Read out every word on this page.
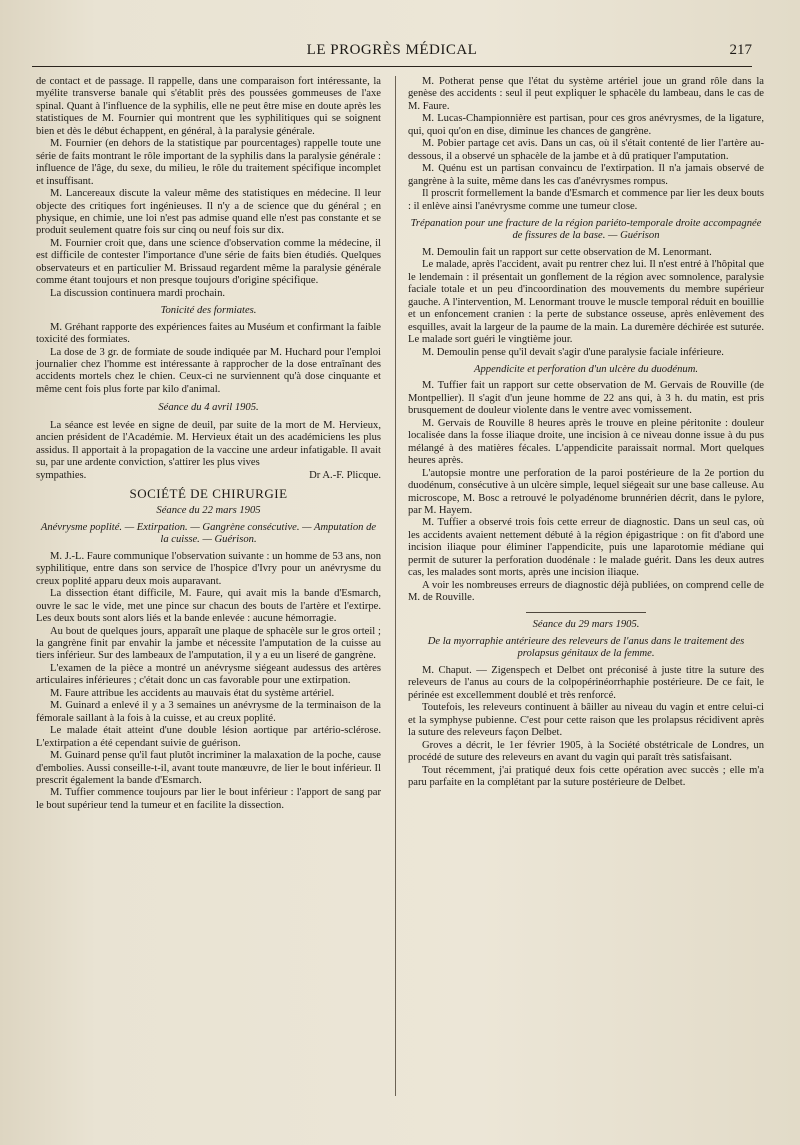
LE PROGRÈS MÉDICAL	217

de contact et de passage. Il rappelle, dans une comparaison fort intéressante, la myélite transverse banale qui s'établit près des poussées gommeuses de l'axe spinal. Quant à l'influence de la syphilis, elle ne peut être mise en doute après les statistiques de M. Fournier qui montrent que les syphilitiques qui se soignent bien et dès le début échappent, en général, à la paralysie générale.

M. Fournier (en dehors de la statistique par pourcentages) rappelle toute une série de faits montrant le rôle important de la syphilis dans la paralysie générale : influence de l'âge, du sexe, du milieu, le rôle du traitement spécifique incomplet et insuffisant.

M. Lancereaux discute la valeur même des statistiques en médecine. Il leur objecte des critiques fort ingénieuses. Il n'y a de science que du général ; en physique, en chimie, une loi n'est pas admise quand elle n'est pas constante et se produit seulement quatre fois sur cinq ou neuf fois sur dix.

M. Fournier croit que, dans une science d'observation comme la médecine, il est difficile de contester l'importance d'une série de faits bien étudiés. Quelques observateurs et en particulier M. Brissaud regardent même la paralysie générale comme étant toujours et non presque toujours d'origine spécifique.

La discussion continuera mardi prochain.

Tonicité des formiates.

M. Gréhant rapporte des expériences faites au Muséum et confirmant la faible toxicité des formiates.

La dose de 3 gr. de formiate de soude indiquée par M. Huchard pour l'emploi journalier chez l'homme est intéressante à rapprocher de la dose entraînant des accidents mortels chez le chien. Ceux-ci ne surviennent qu'à dose cinquante et même cent fois plus forte par kilo d'animal.

Séance du 4 avril 1905.

La séance est levée en signe de deuil, par suite de la mort de M. Hervieux, ancien président de l'Académie. M. Hervieux était un des académiciens les plus assidus. Il apportait à la propagation de la vaccine une ardeur infatigable. Il avait su, par une ardente conviction, s'attirer les plus vives

sympathies.	Dr A.-F. Plicque.
SOCIÉTÉ DE CHIRURGIE
Séance du 22 mars 1905
Anévrysme poplité. — Extirpation. — Gangrène consécutive. — Amputation de la cuisse. — Guérison.

M. J.-L. Faure communique l'observation suivante : un homme de 53 ans, non syphilitique, entre dans son service de l'hospice d'Ivry pour un anévrysme du creux poplité apparu deux mois auparavant.

La dissection étant difficile, M. Faure, qui avait mis la bande d'Esmarch, ouvre le sac le vide, met une pince sur chacun des bouts de l'artère et l'extirpe. Les deux bouts sont alors liés et la bande enlevée : aucune hémorragie.

Au bout de quelques jours, apparaît une plaque de sphacèle sur le gros orteil ; la gangrène finit par envahir la jambe et nécessite l'amputation de la cuisse au tiers inférieur. Sur des lambeaux de l'amputation, il y a eu un liseré de gangrène.

L'examen de la pièce a montré un anévrysme siégeant audessus des artères articulaires inférieures ; c'était donc un cas favorable pour une extirpation.

M. Faure attribue les accidents au mauvais état du système artériel.

M. Guinard a enlevé il y a 3 semaines un anévrysme de la terminaison de la fémorale saillant à la fois à la cuisse, et au creux poplité.

Le malade était atteint d'une double lésion aortique par artério-sclérose. L'extirpation a été cependant suivie de guérison.

M. Guinard pense qu'il faut plutôt incriminer la malaxation de la poche, cause d'embolies. Aussi conseille-t-il, avant toute manœuvre, de lier le bout inférieur. Il prescrit également la bande d'Esmarch.

M. Tuffier commence toujours par lier le bout inférieur : l'apport de sang par le bout supérieur tend la tumeur et en facilite la dissection.

M. Potherat pense que l'état du système artériel joue un grand rôle dans la genèse des accidents : seul il peut expliquer le sphacèle du lambeau, dans le cas de M. Faure.

M. Lucas-Championnière est partisan, pour ces gros anévrysmes, de la ligature, qui, quoi qu'on en dise, diminue les chances de gangrène.

M. Pobier partage cet avis. Dans un cas, où il s'était contenté de lier l'artère au-dessous, il a observé un sphacèle de la jambe et à dû pratiquer l'amputation.

M. Quénu est un partisan convaincu de l'extirpation. Il n'a jamais observé de gangrène à la suite, même dans les cas d'anévrysmes rompus.

Il proscrit formellement la bande d'Esmarch et commence par lier les deux bouts : il enlève ainsi l'anévrysme comme une tumeur close.

Trépanation pour une fracture de la région pariéto-temporale droite accompagnée de fissures de la base. — Guérison

M. Demoulin fait un rapport sur cette observation de M. Lenormant.

Le malade, après l'accident, avait pu rentrer chez lui. Il n'est entré à l'hôpital que le lendemain : il présentait un gonflement de la région avec somnolence, paralysie faciale totale et un peu d'incoordination des mouvements du membre supérieur gauche. A l'intervention, M. Lenormant trouve le muscle temporal réduit en bouillie et un enfoncement cranien : la perte de substance osseuse, après enlèvement des esquilles, avait la largeur de la paume de la main. La duremère déchirée est suturée. Le malade sort guéri le vingtième jour.

M. Demoulin pense qu'il devait s'agir d'une paralysie faciale inférieure.

Appendicite et perforation d'un ulcère du duodénum.

M. Tuffier fait un rapport sur cette observation de M. Gervais de Rouville (de Montpellier). Il s'agit d'un jeune homme de 22 ans qui, à 3 h. du matin, est pris brusquement de douleur violente dans le ventre avec vomissement.

M. Gervais de Rouville 8 heures après le trouve en pleine péritonite : douleur localisée dans la fosse iliaque droite, une incision à ce niveau donne issue à du pus mélangé à des matières fécales. L'appendicite paraissait normal. Mort quelques heures après.

L'autopsie montre une perforation de la paroi postérieure de la 2e portion du duodénum, consécutive à un ulcère simple, lequel siégeait sur une base calleuse. Au microscope, M. Bosc a retrouvé le polyadénome brunnérien décrit, dans le pylore, par M. Hayem.

M. Tuffier a observé trois fois cette erreur de diagnostic. Dans un seul cas, où les accidents avaient nettement débuté à la région épigastrique : on fit d'abord une incision iliaque pour éliminer l'appendicite, puis une laparotomie médiane qui permit de suturer la perforation duodénale : le malade guérit. Dans les deux autres cas, les malades sont morts, après une incision iliaque.

A voir les nombreuses erreurs de diagnostic déjà publiées, on comprend celle de M. de Rouville.

Séance du 29 mars 1905.
De la myorraphie antérieure des releveurs de l'anus dans le traitement des prolapsus génitaux de la femme.

M. Chaput. — Zigenspech et Delbet ont préconisé à juste titre la suture des releveurs de l'anus au cours de la colpopérinéorrhaphie postérieure. De ce fait, le périnée est excellemment doublé et très renforcé.

Toutefois, les releveurs continuent à bâiller au niveau du vagin et entre celui-ci et la symphyse pubienne. C'est pour cette raison que les prolapsus récidivent après la suture des releveurs façon Delbet.

Groves a décrit, le 1er février 1905, à la Société obstétricale de Londres, un procédé de suture des releveurs en avant du vagin qui paraît très satisfaisant.

Tout récemment, j'ai pratiqué deux fois cette opération avec succès ; elle m'a paru parfaite en la complétant par la suture postérieure de Delbet.
